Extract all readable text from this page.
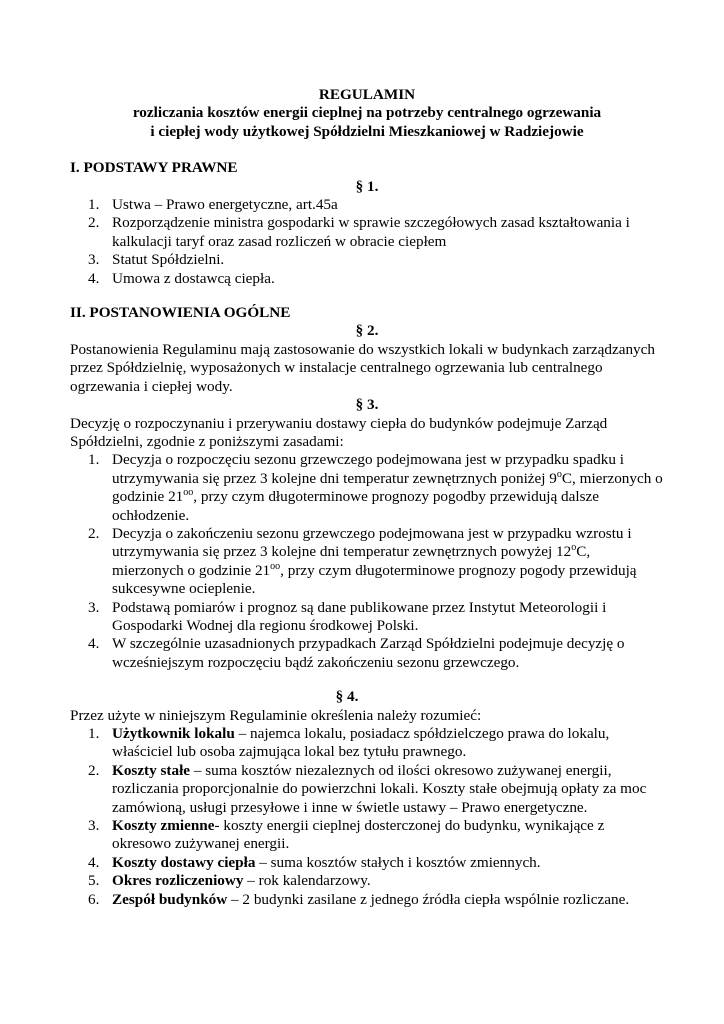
REGULAMIN
rozliczania kosztów energii cieplnej na potrzeby centralnego ogrzewania
i ciepłej wody użytkowej Spółdzielni Mieszkaniowej w Radziejowie
I. PODSTAWY PRAWNE
§ 1.
1. Ustwa – Prawo energetyczne, art.45a
2. Rozporządzenie ministra gospodarki w sprawie szczegółowych zasad kształtowania i kalkulacji taryf oraz zasad rozliczeń w obracie ciepłem
3. Statut Spółdzielni.
4. Umowa z dostawcą ciepła.
II. POSTANOWIENIA OGÓLNE
§ 2.

Postanowienia Regulaminu mają zastosowanie do wszystkich lokali w budynkach zarządzanych przez Spółdzielnię, wyposażonych w instalacje centralnego ogrzewania lub centralnego ogrzewania i ciepłej wody.

§ 3.

Decyzję o rozpoczynaniu i przerywaniu dostawy ciepła do budynków podejmuje Zarząd Spółdzielni, zgodnie z poniższymi zasadami:

1. Decyzja o rozpoczęciu sezonu grzewczego podejmowana jest w przypadku spadku i utrzymywania się przez 3 kolejne dni temperatur zewnętrznych poniżej 9$^o$C, mierzonych o godzinie $21^{oo}$, przy czym długoterminowe prognozy pogodby przewidują dalsze ochłodzenie.
2. Decyzja o zakończeniu sezonu grzewczego podejmowana jest w przypadku wzrostu i utrzymywania się przez 3 kolejne dni temperatur zewnętrznych powyżej 12$^o$C, mierzonych o godzinie $21^{oo}$, przy czym długoterminowe prognozy pogody przewidują sukcesywne ocieplenie.
3. Podstawą pomiarów i prognoz są dane publikowane przez Instytut Meteorologii i Gospodarki Wodnej dla regionu środkowej Polski.
4. W szczególnie uzasadnionych przypadkach Zarząd Spółdzielni podejmuje decyzję o wcześniejszym rozpoczęciu bądź zakończeniu sezonu grzewczego.
§ 4.

Przez użyte w niniejszym Regulaminie określenia należy rozumieć:

1. Użytkownik lokalu – najemca lokalu, posiadacz spółdzielczego prawa do lokalu, właściciel lub osoba zajmująca lokal bez tytułu prawnego.
2. Koszty stałe – suma kosztów niezaleznych od ilości okresowo zużywanej energii, rozliczania proporcjonalnie do powierzchni lokali. Koszty stałe obejmują opłaty za moc zamówioną, usługi przesyłowe i inne w świetle ustawy – Prawo energetyczne.
3. Koszty zmienne- koszty energii cieplnej dosterczonej do budynku, wynikające z okresowo zużywanej energii.
4. Koszty dostawy ciepła – suma kosztów stałych i kosztów zmiennych.
5. Okres rozliczeniowy – rok kalendarzowy.
6. Zespół budynków – 2 budynki zasilane z jednego źródła ciepła wspólnie rozliczane.
